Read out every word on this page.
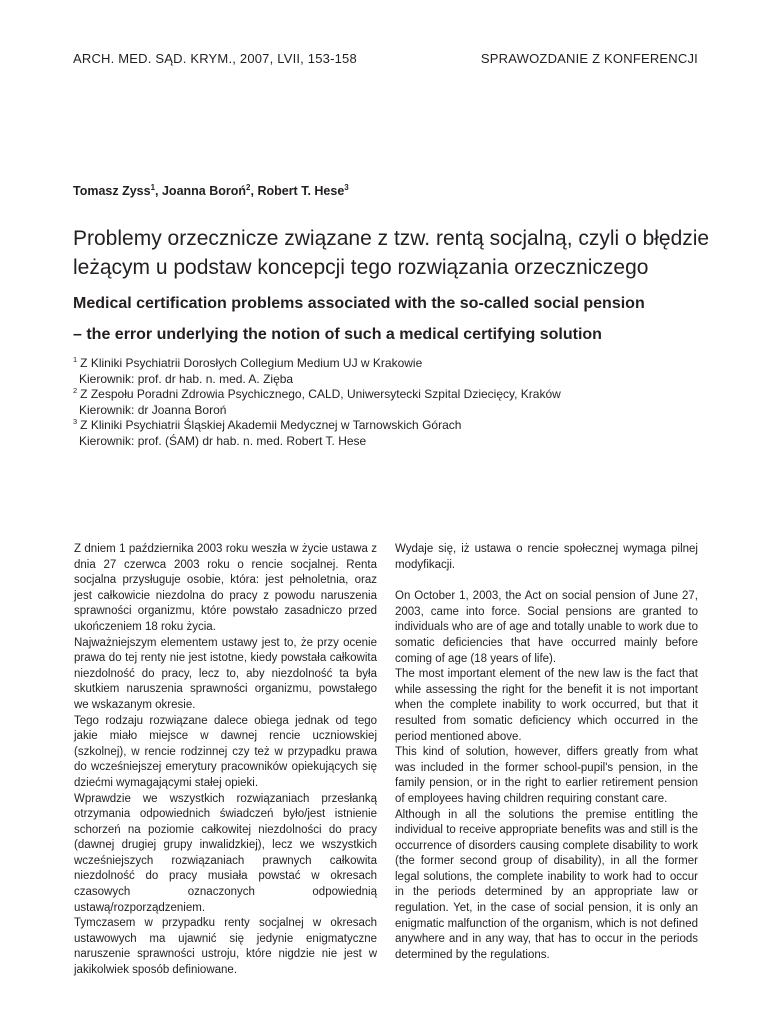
ARCH. MED. SĄD. KRYM., 2007, LVII, 153-158	SPRAWOZDANIE Z KONFERENCJI
Tomasz Zyss$^1$, Joanna Boroń$^2$, Robert T. Hese$^3$
Problemy orzecznicze związane z tzw. rentą socjalną, czyli o błędzie
leżącym u podstaw koncepcji tego rozwiązania orzeczniczego
Medical certification problems associated with the so-called social pension
– the error underlying the notion of such a medical certifying solution
$^1$ Z Kliniki Psychiatrii Dorosłych Collegium Medium UJ w Krakowie
Kierownik: prof. dr hab. n. med. A. Zięba
$^2$ Z Zespołu Poradni Zdrowia Psychicznego, CALD, Uniwersytecki Szpital Dziecięcy, Kraków
Kierownik: dr Joanna Boroń
$^3$ Z Kliniki Psychiatrii Śląskiej Akademii Medycznej w Tarnowskich Górach
Kierownik: prof. (ŚAM) dr hab. n. med. Robert T. Hese

Z dniem 1 października 2003 roku weszła w życie ustawa z dnia 27 czerwca 2003 roku o rencie socjalnej. Renta socjalna przysługuje osobie, która: jest pełnoletnia, oraz jest całkowicie niezdolna do pracy z powodu naruszenia sprawności organizmu, które powstało zasadniczo przed ukończeniem 18 roku życia.

Najważniejszym elementem ustawy jest to, że przy ocenie prawa do tej renty nie jest istotne, kiedy powstała całkowita niezdolność do pracy, lecz to, aby niezdolność ta była skutkiem naruszenia sprawności organizmu, powstałego we wskazanym okresie.

Tego rodzaju rozwiązane dalece obiega jednak od tego jakie miało miejsce w dawnej rencie uczniowskiej (szkolnej), w rencie rodzinnej czy też w przypadku prawa do wcześniejszej emerytury pracowników opiekujących się dziećmi wymagającymi stałej opieki.

Wprawdzie we wszystkich rozwiązaniach przesłanką otrzymania odpowiednich świadczeń było/jest istnienie schorzeń na poziomie całkowitej niezdolności do pracy (dawnej drugiej grupy inwalidzkiej), lecz we wszystkich wcześniejszych rozwiązaniach prawnych całkowita niezdolność do pracy musiała powstać w okresach czasowych oznaczonych odpowiednią ustawą/rozporządzeniem.

Tymczasem w przypadku renty socjalnej w okresach ustawowych ma ujawnić się jedynie enigmatyczne naruszenie sprawności ustroju, które nigdzie nie jest w jakikolwiek sposób definiowane.

Wydaje się, iż ustawa o rencie społecznej wymaga pilnej modyfikacji.

On October 1, 2003, the Act on social pension of June 27, 2003, came into force. Social pensions are granted to individuals who are of age and totally unable to work due to somatic deficiencies that have occurred mainly before coming of age (18 years of life).

The most important element of the new law is the fact that while assessing the right for the benefit it is not important when the complete inability to work occurred, but that it resulted from somatic deficiency which occurred in the period mentioned above.

This kind of solution, however, differs greatly from what was included in the former school-pupil's pension, in the family pension, or in the right to earlier retirement pension of employees having children requiring constant care.

Although in all the solutions the premise entitling the individual to receive appropriate benefits was and still is the occurrence of disorders causing complete disability to work (the former second group of disability), in all the former legal solutions, the complete inability to work had to occur in the periods determined by an appropriate law or regulation. Yet, in the case of social pension, it is only an enigmatic malfunction of the organism, which is not defined anywhere and in any way, that has to occur in the periods determined by the regulations.
